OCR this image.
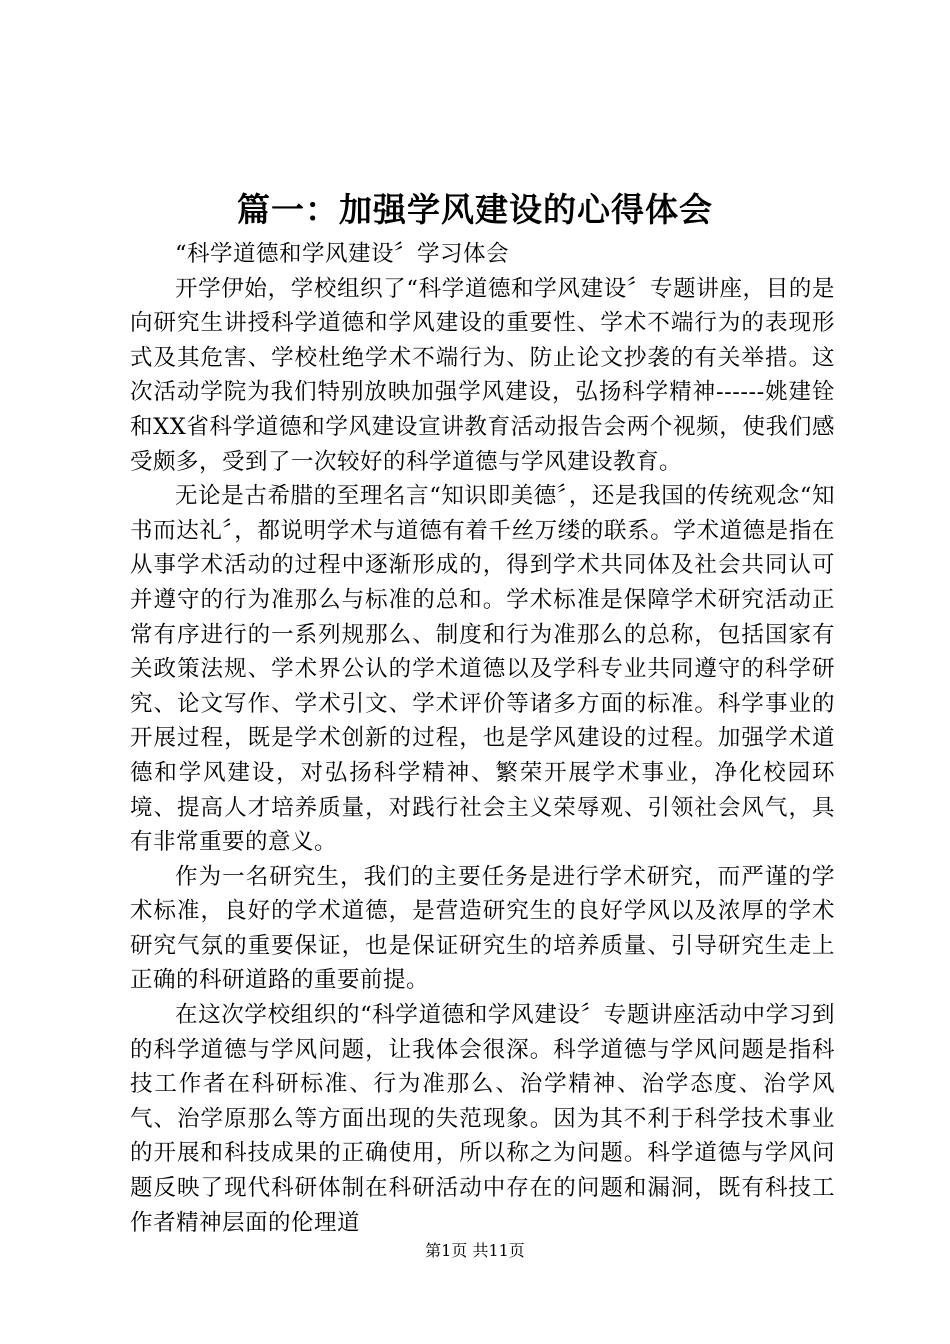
篇一：加强学风建设的心得体会

“科学道德和学风建设〞学习体会

开学伊始，学校组织了“科学道德和学风建设〞专题讲座，目的是向研究生讲授科学道德和学风建设的重要性、学术不端行为的表现形式及其危害、学校杜绝学术不端行为、防止论文抄袭的有关举措。这次活动学院为我们特别放映加强学风建设，弘扬科学精神------姚建铨和XX省科学道德和学风建设宣讲教育活动报告会两个视频，使我们感受颇多，受到了一次较好的科学道德与学风建设教育。

无论是古希腊的至理名言“知识即美德〞，还是我国的传统观念“知书而达礼〞，都说明学术与道德有着千丝万缕的联系。学术道德是指在从事学术活动的过程中逐渐形成的，得到学术共同体及社会共同认可并遵守的行为准那么与标准的总和。学术标准是保障学术研究活动正常有序进行的一系列规那么、制度和行为准那么的总称，包括国家有关政策法规、学术界公认的学术道德以及学科专业共同遵守的科学研究、论文写作、学术引文、学术评价等诸多方面的标准。科学事业的开展过程，既是学术创新的过程，也是学风建设的过程。加强学术道德和学风建设，对弘扬科学精神、繁荣开展学术事业，净化校园环境、提高人才培养质量，对践行社会主义荣辱观、引领社会风气，具有非常重要的意义。

作为一名研究生，我们的主要任务是进行学术研究，而严谨的学术标准，良好的学术道德，是营造研究生的良好学风以及浓厚的学术研究气氛的重要保证，也是保证研究生的培养质量、引导研究生走上正确的科研道路的重要前提。

在这次学校组织的“科学道德和学风建设〞专题讲座活动中学习到的科学道德与学风问题，让我体会很深。科学道德与学风问题是指科技工作者在科研标准、行为准那么、治学精神、治学态度、治学风气、治学原那么等方面出现的失范现象。因为其不利于科学技术事业的开展和科技成果的正确使用，所以称之为问题。科学道德与学风问题反映了现代科研体制在科研活动中存在的问题和漏洞，既有科技工作者精神层面的伦理道

第1页 共11页
